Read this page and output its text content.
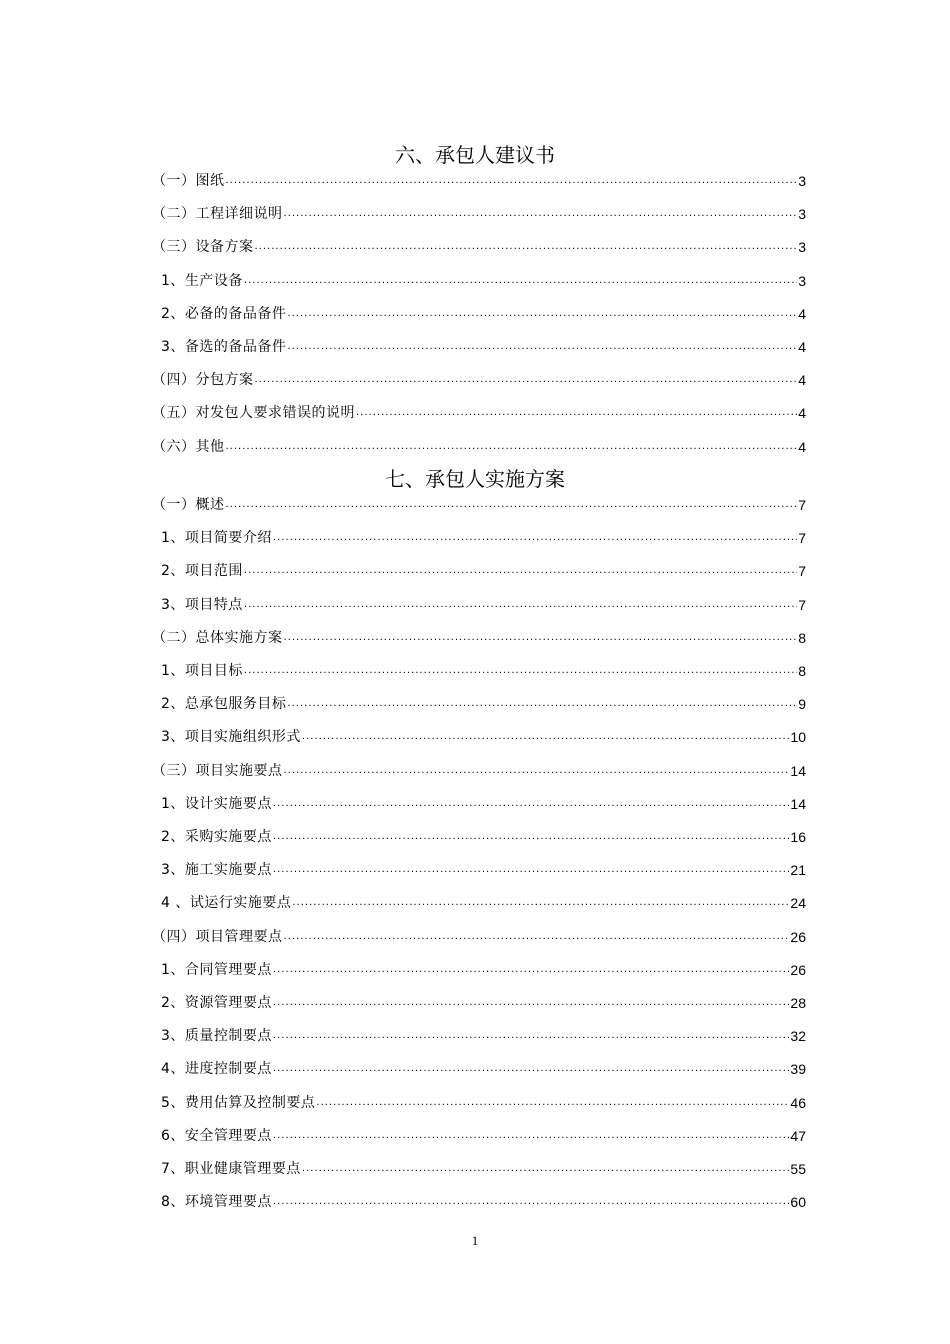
六、承包人建议书
（一）图纸 .....	3
（二）工程详细说明 .....	3
（三）设备方案 .....	3
1、生产设备 .....	3
2、必备的备品备件 .....	4
3、备选的备品备件 .....	4
（四）分包方案 .....	4
（五）对发包人要求错误的说明 .....	4
（六）其他 .....	4
七、承包人实施方案
（一）概述 .....	7
1、项目简要介绍 .....	7
2、项目范围 .....	7
3、项目特点 .....	7
（二）总体实施方案 .....	8
1、项目目标 .....	8
2、总承包服务目标 .....	9
3、项目实施组织形式 .....	10
（三）项目实施要点 .....	14
1、设计实施要点 .....	14
2、采购实施要点 .....	16
3、施工实施要点 .....	21
4 、试运行实施要点 .....	24
（四）项目管理要点 .....	26
1、合同管理要点 .....	26
2、资源管理要点 .....	28
3、质量控制要点 .....	32
4、进度控制要点 .....	39
5、费用估算及控制要点 .....	46
6、安全管理要点 .....	47
7、职业健康管理要点 .....	55
8、环境管理要点 .....	60
1
